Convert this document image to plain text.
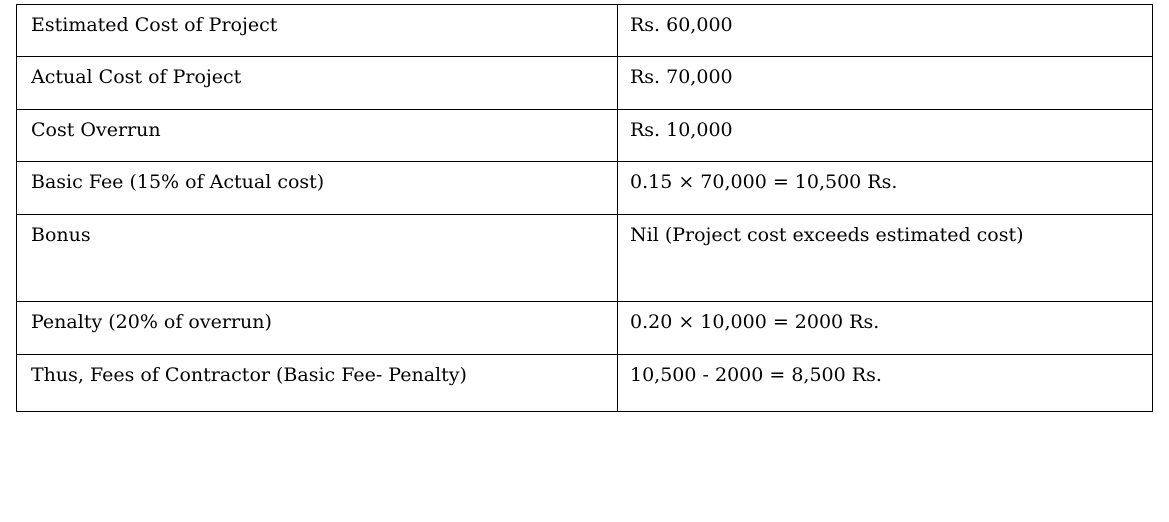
Estimated Cost of Project	Rs. 60,000
Actual Cost of Project	Rs. 70,000
Cost Overrun	Rs. 10,000
Basic Fee (15% of Actual cost)	0.15 × 70,000 = 10,500 Rs.
Bonus	Nil (Project cost exceeds estimated cost)
Penalty (20% of overrun)	0.20 × 10,000 = 2000 Rs.
Thus, Fees of Contractor (Basic Fee- Penalty)	10,500 - 2000 = 8,500 Rs.
